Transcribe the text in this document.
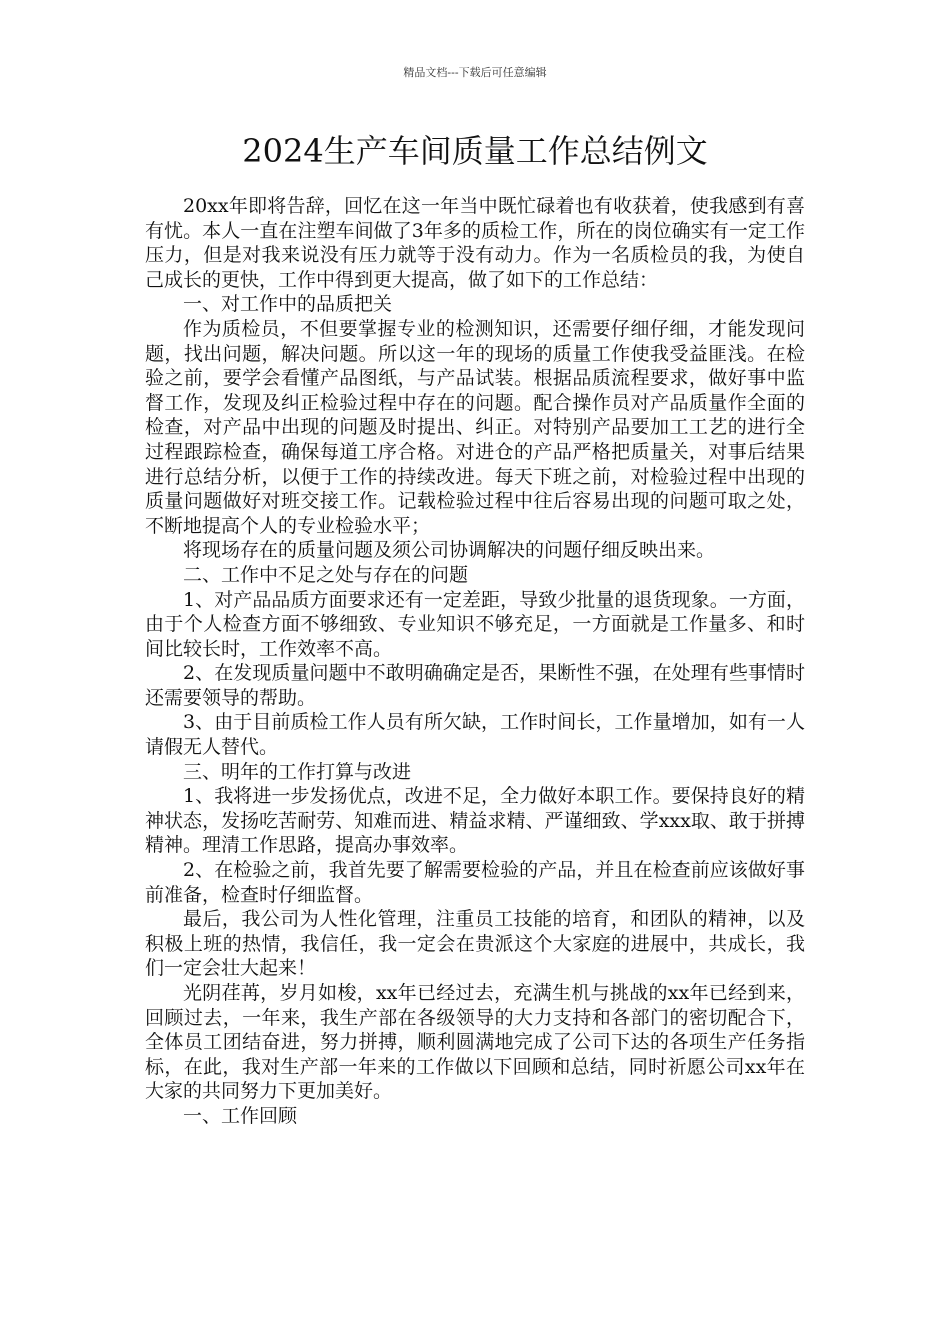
精品文档---下载后可任意编辑
2024生产车间质量工作总结例文

20xx年即将告辞，回忆在这一年当中既忙碌着也有收获着，使我感到有喜有忧。本人一直在注塑车间做了3年多的质检工作，所在的岗位确实有一定工作压力，但是对我来说没有压力就等于没有动力。作为一名质检员的我，为使自己成长的更快，工作中得到更大提高，做了如下的工作总结：

一、对工作中的品质把关

作为质检员，不但要掌握专业的检测知识，还需要仔细仔细，才能发现问题，找出问题，解决问题。所以这一年的现场的质量工作使我受益匪浅。在检验之前，要学会看懂产品图纸，与产品试装。根据品质流程要求，做好事中监督工作，发现及纠正检验过程中存在的问题。配合操作员对产品质量作全面的检查，对产品中出现的问题及时提出、纠正。对特别产品要加工工艺的进行全过程跟踪检查，确保每道工序合格。对进仓的产品严格把质量关，对事后结果进行总结分析，以便于工作的持续改进。每天下班之前，对检验过程中出现的质量问题做好对班交接工作。记载检验过程中往后容易出现的问题可取之处，不断地提高个人的专业检验水平；

将现场存在的质量问题及须公司协调解决的问题仔细反映出来。

二、工作中不足之处与存在的问题

1、对产品品质方面要求还有一定差距，导致少批量的退货现象。一方面，由于个人检查方面不够细致、专业知识不够充足，一方面就是工作量多、和时间比较长时，工作效率不高。

2、在发现质量问题中不敢明确确定是否，果断性不强，在处理有些事情时还需要领导的帮助。

3、由于目前质检工作人员有所欠缺，工作时间长，工作量增加，如有一人请假无人替代。

三、明年的工作打算与改进

1、我将进一步发扬优点，改进不足，全力做好本职工作。要保持良好的精神状态，发扬吃苦耐劳、知难而进、精益求精、严谨细致、学xxx取、敢于拼搏精神。理清工作思路，提高办事效率。

2、在检验之前，我首先要了解需要检验的产品，并且在检查前应该做好事前准备，检查时仔细监督。

最后，我公司为人性化管理，注重员工技能的培育，和团队的精神，以及积极上班的热情，我信任，我一定会在贵派这个大家庭的进展中，共成长，我们一定会壮大起来！

光阴荏苒，岁月如梭，xx年已经过去，充满生机与挑战的xx年已经到来，回顾过去，一年来，我生产部在各级领导的大力支持和各部门的密切配合下，全体员工团结奋进，努力拼搏，顺利圆满地完成了公司下达的各项生产任务指标，在此，我对生产部一年来的工作做以下回顾和总结，同时祈愿公司xx年在大家的共同努力下更加美好。

一、工作回顾
